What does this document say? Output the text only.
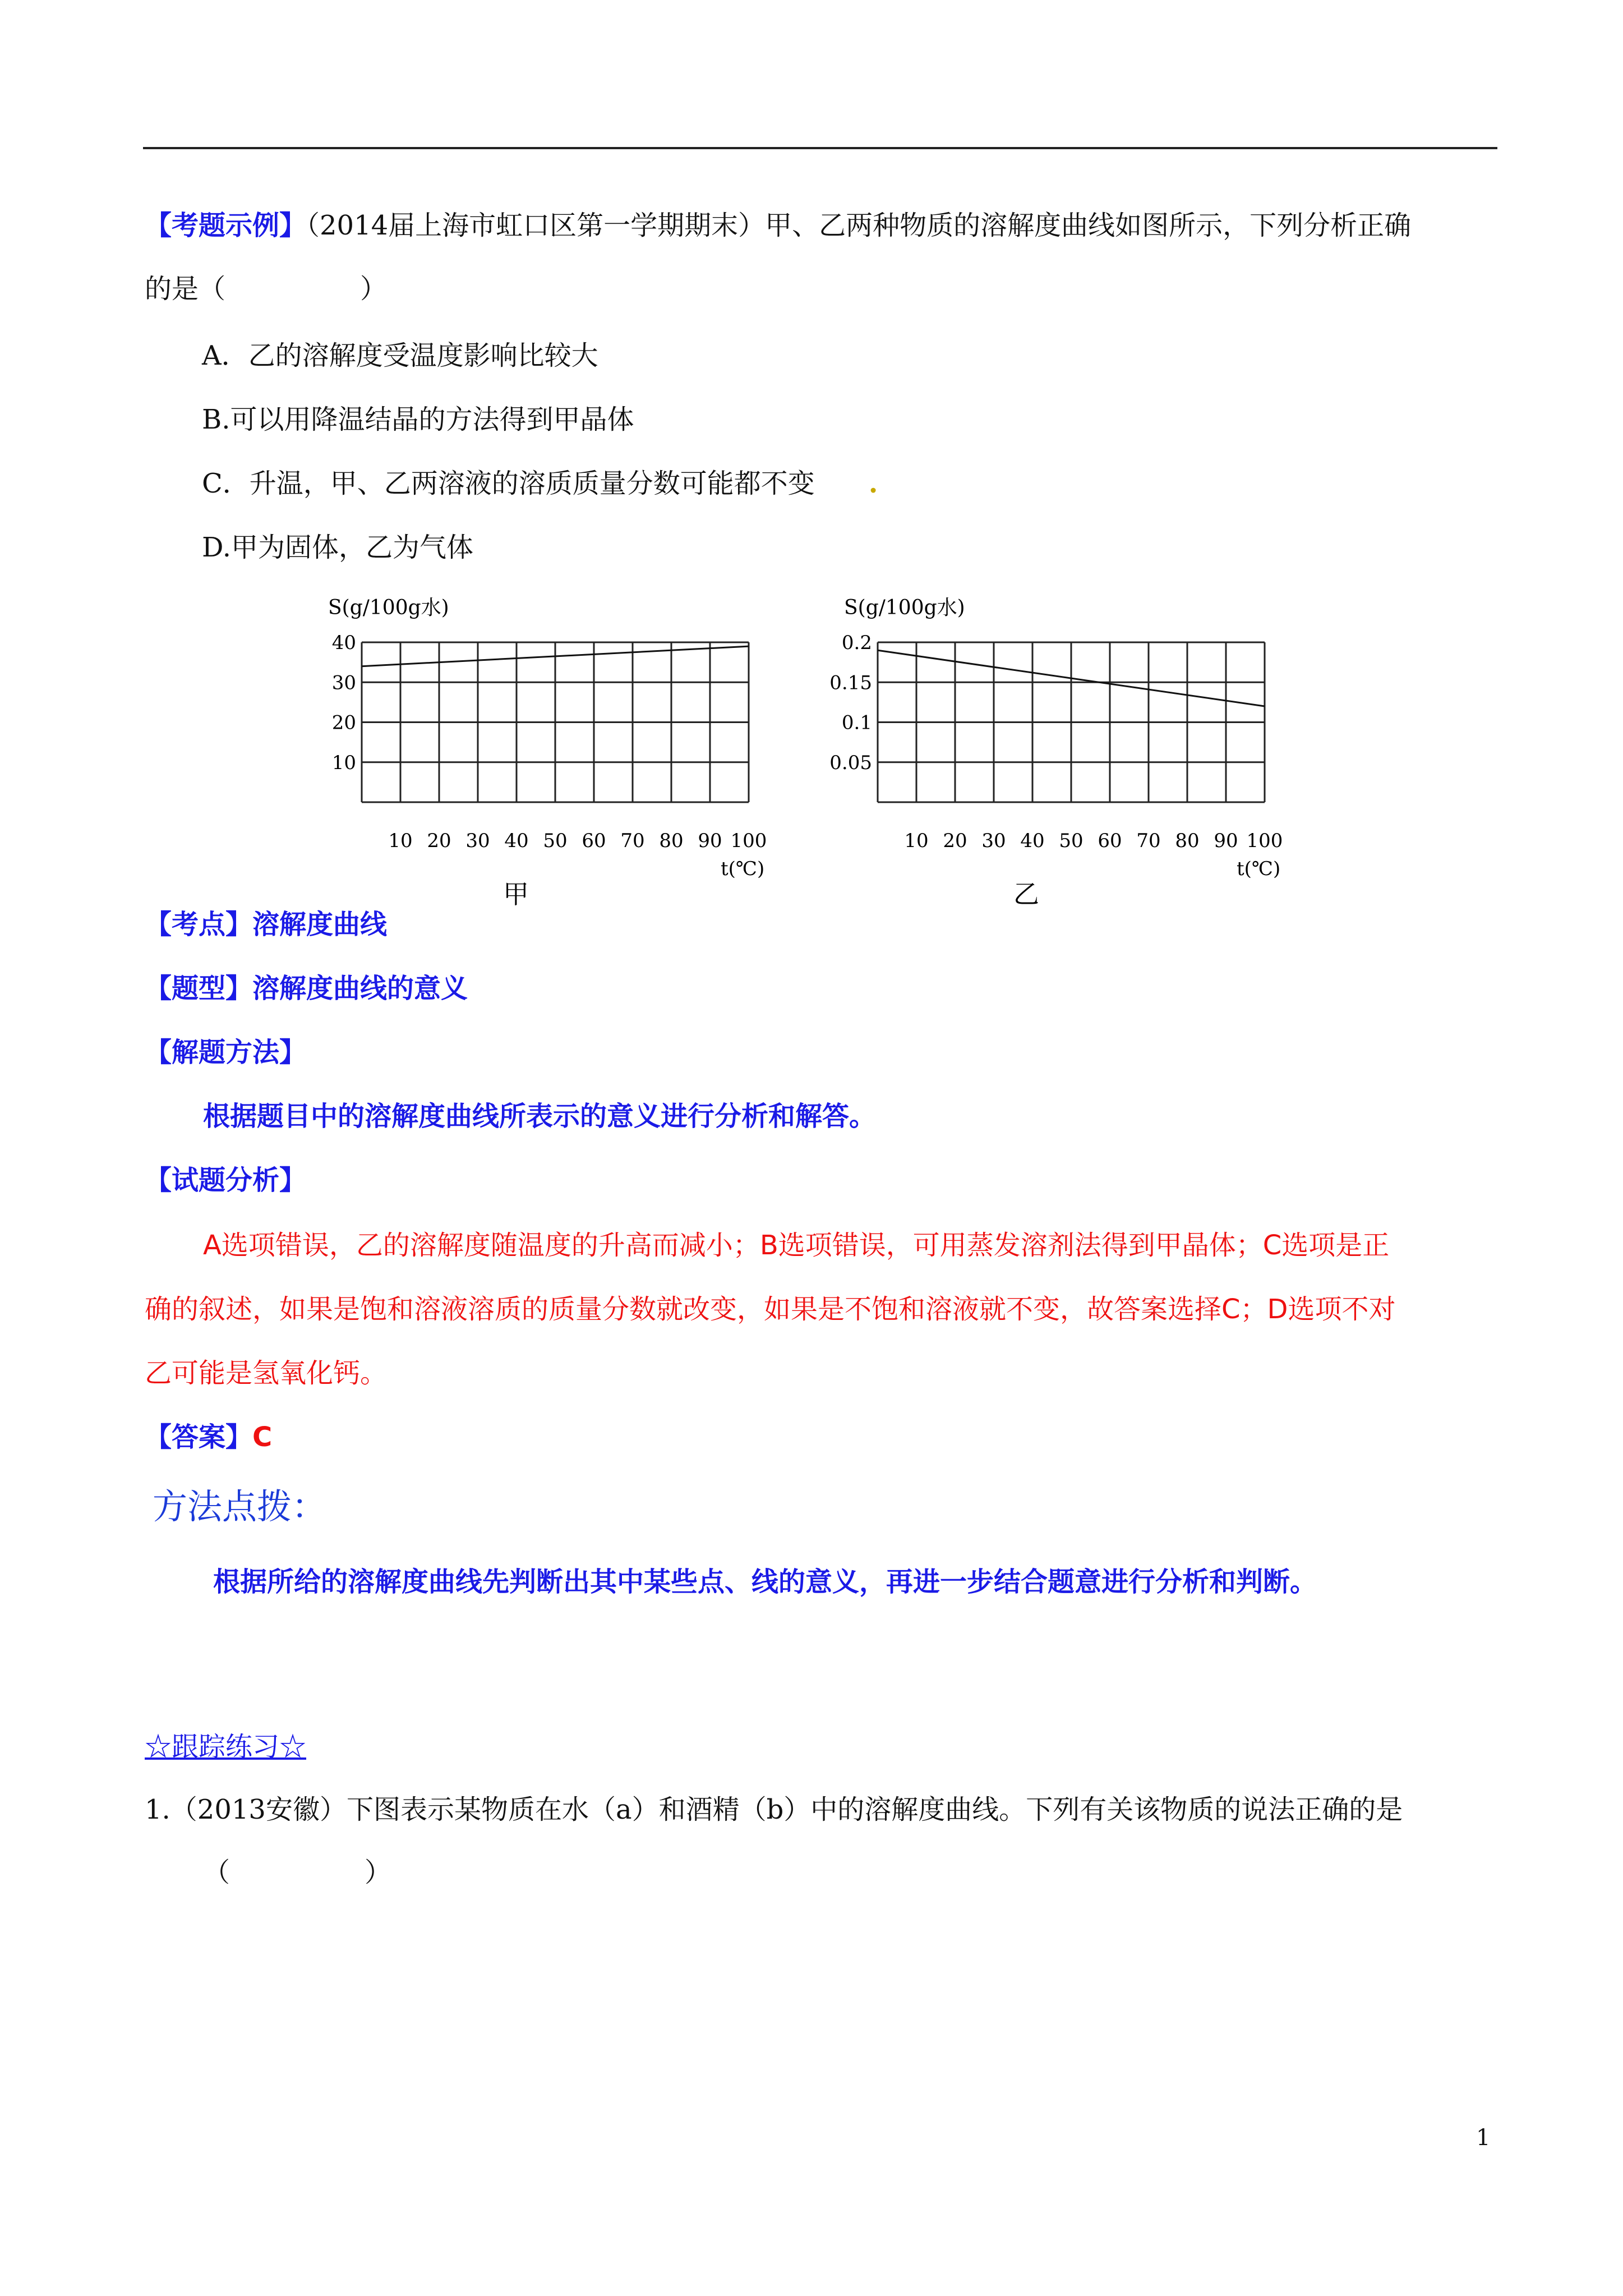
【考题示例】（2014届上海市虹口区第一学期期末）甲、乙两种物质的溶解度曲线如图所示，下列分析正确
的是（　　　　　）
A．乙的溶解度受温度影响比较大
B.可以用降温结晶的方法得到甲晶体
C．升温，甲、乙两溶液的溶质质量分数可能都不变 .
D.甲为固体，乙为气体
10
20
30
40
10 20 30 40 50 60 70 80 90 100
S(g/100g水)
t(℃)
甲
0.05
0.1
0.15
0.2
10 20 30 40 50 60 70 80 90 100
S(g/100g水)
t(℃)
乙
【考点】溶解度曲线
【题型】溶解度曲线的意义
【解题方法】
根据题目中的溶解度曲线所表示的意义进行分析和解答。
【试题分析】
A选项错误，乙的溶解度随温度的升高而减小；B选项错误，可用蒸发溶剂法得到甲晶体；C选项是正
确的叙述，如果是饱和溶液溶质的质量分数就改变，如果是不饱和溶液就不变，故答案选择C；D选项不对
乙可能是氢氧化钙。
【答案】C
方法点拨：
根据所给的溶解度曲线先判断出其中某些点、线的意义，再进一步结合题意进行分析和判断。
☆跟踪练习☆
1.（2013安徽）下图表示某物质在水（a）和酒精（b）中的溶解度曲线。下列有关该物质的说法正确的是
（　　　　　）
1
